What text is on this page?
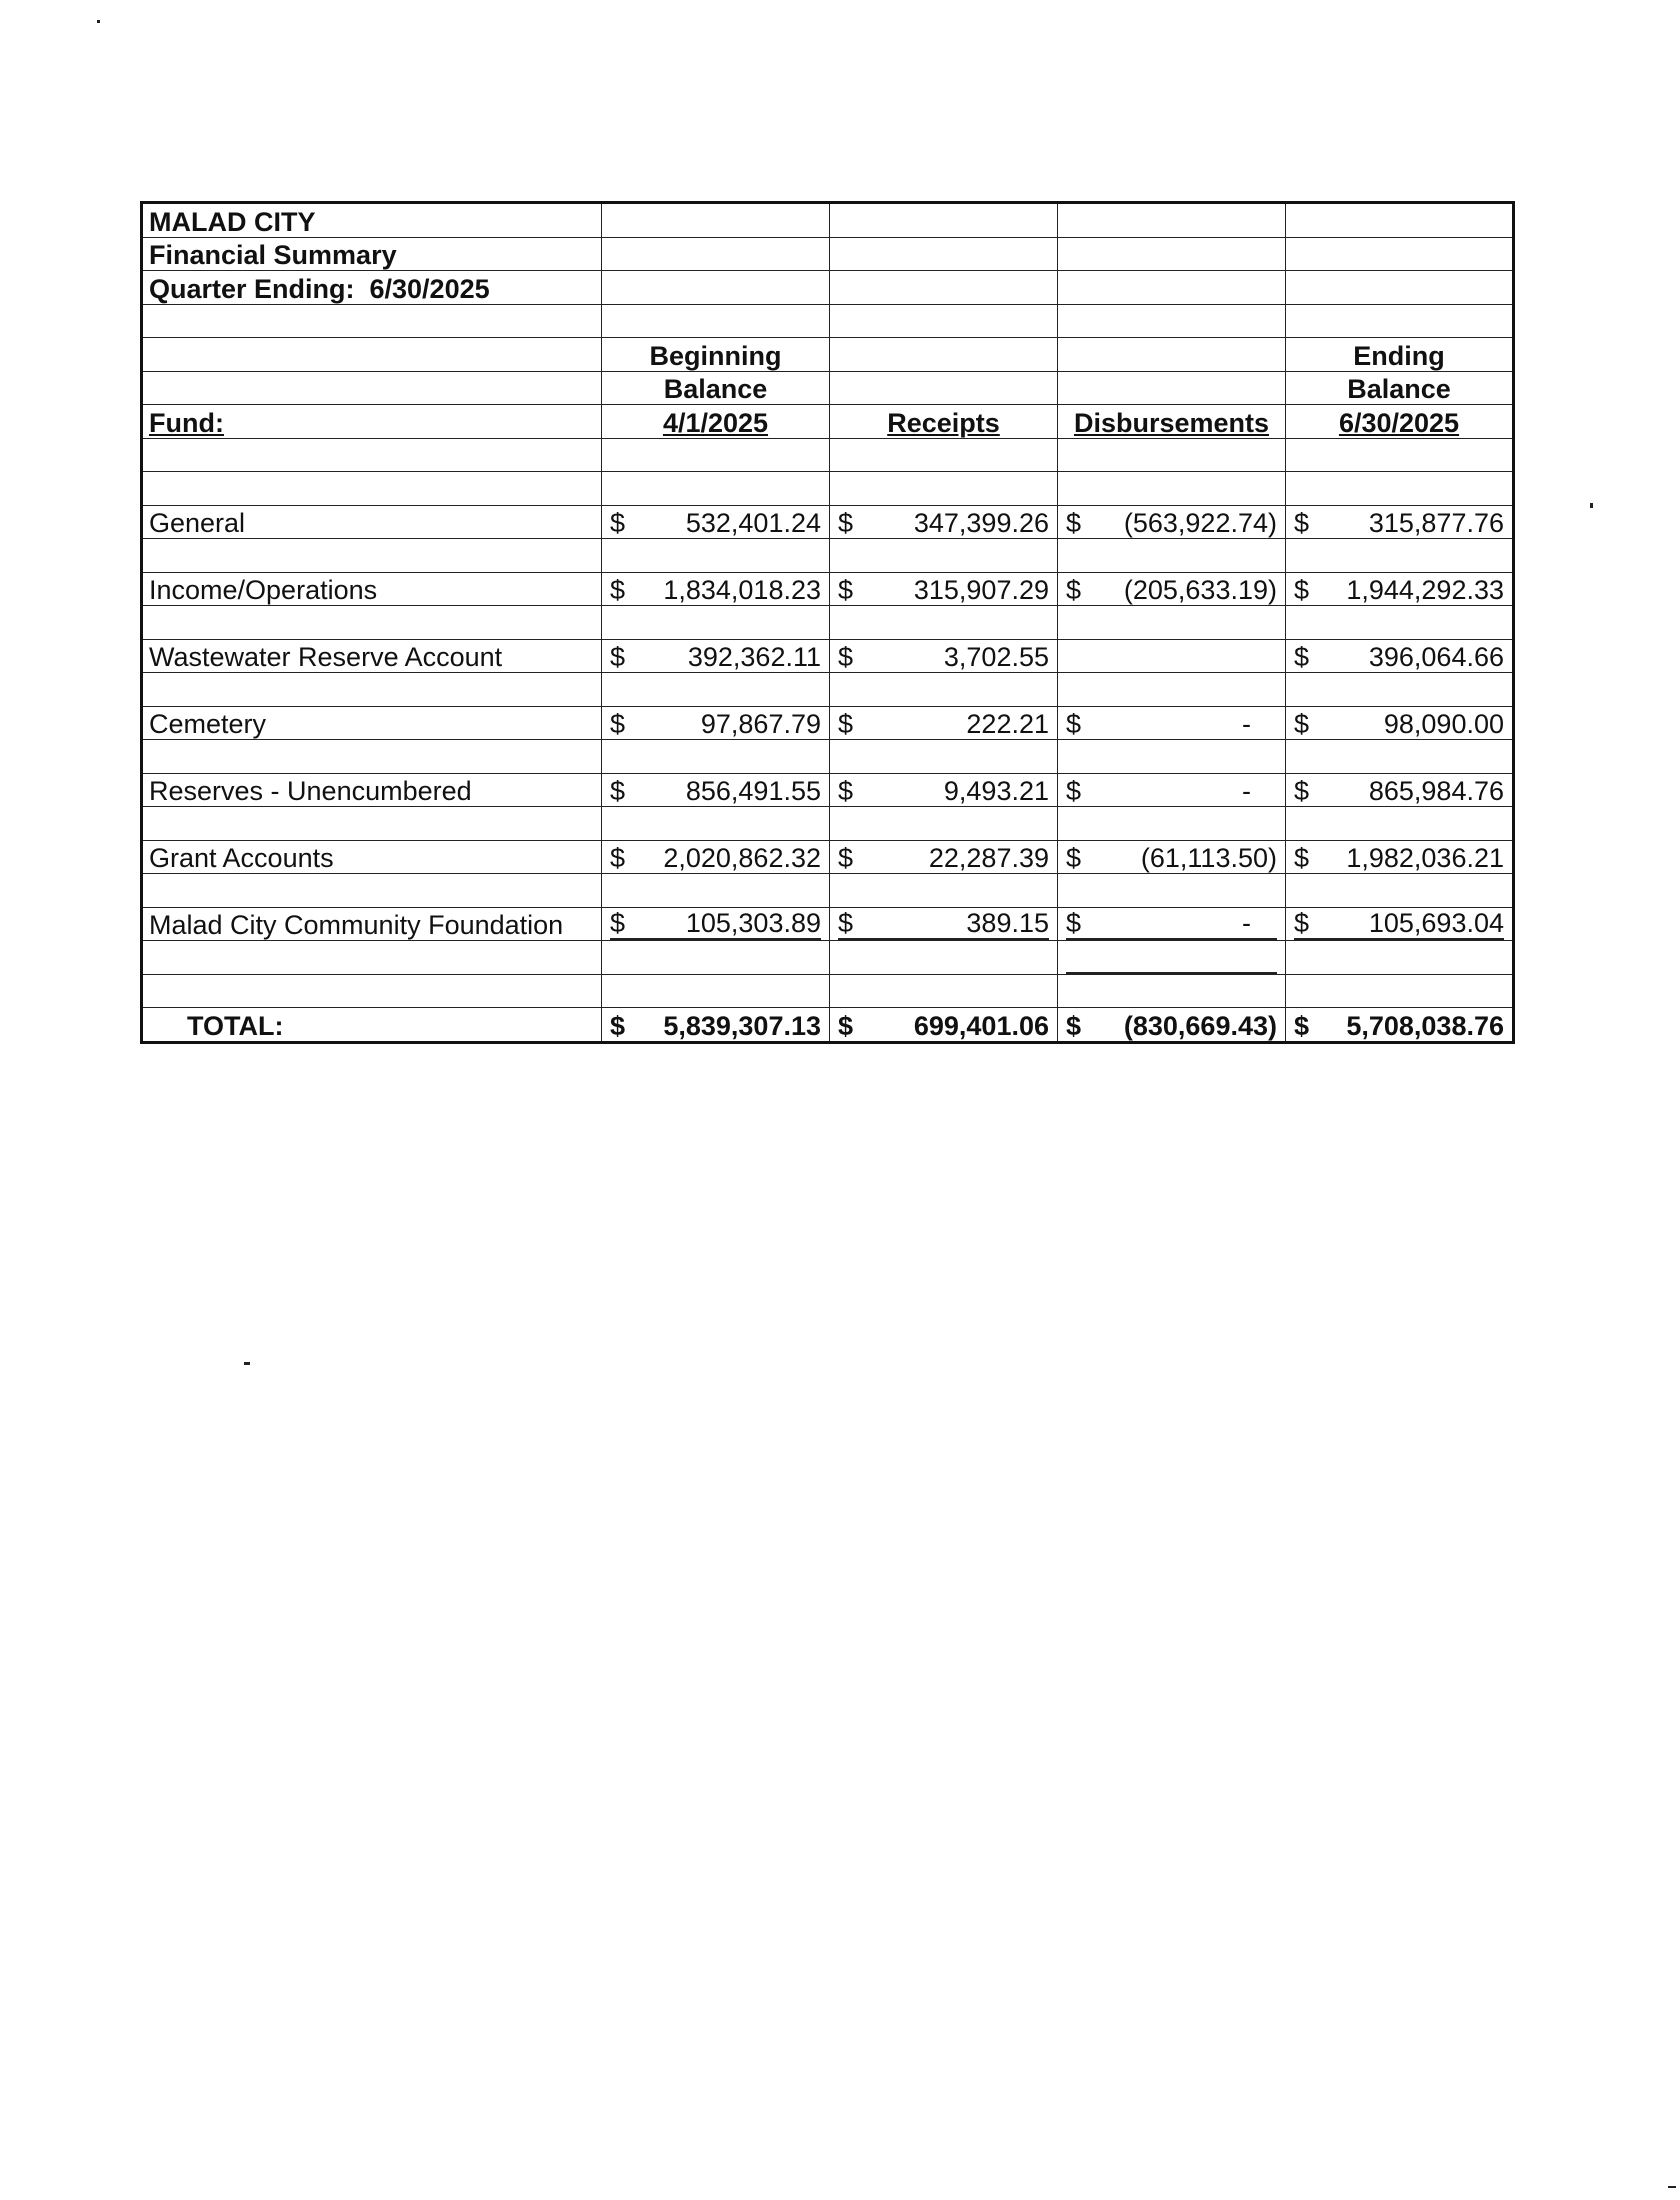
MALAD CITY				
Financial Summary				
Quarter Ending:  6/30/2025				

	Beginning			Ending
	Balance			Balance
Fund:	4/1/2025	Receipts	Disbursements	6/30/2025

General	$ 532,401.24	$ 347,399.26	$ (563,922.74)	$ 315,877.76

Income/Operations	$ 1,834,018.23	$ 315,907.29	$ (205,633.19)	$ 1,944,292.33

Wastewater Reserve Account	$ 392,362.11	$ 3,702.55		$ 396,064.66

Cemetery	$ 97,867.79	$ 222.21	$ -	$ 98,090.00

Reserves - Unencumbered	$ 856,491.55	$ 9,493.21	$ -	$ 865,984.76

Grant Accounts	$ 2,020,862.32	$ 22,287.39	$ (61,113.50)	$ 1,982,036.21

Malad City Community Foundation	$ 105,303.89	$ 389.15	$ -	$ 105,693.04

TOTAL:	$ 5,839,307.13	$ 699,401.06	$ (830,669.43)	$ 5,708,038.76
